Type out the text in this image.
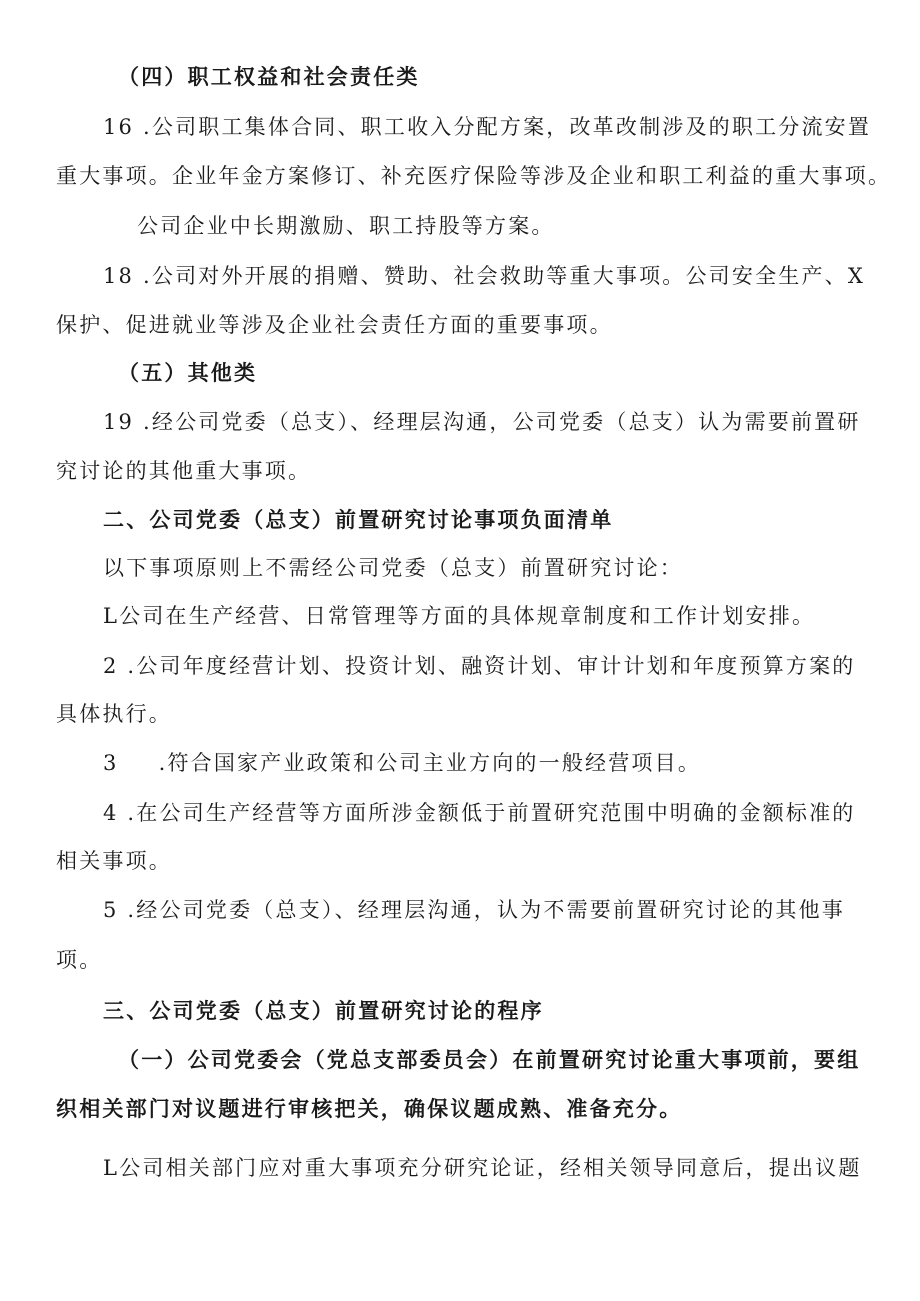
（四）职工权益和社会责任类
16 .公司职工集体合同、职工收入分配方案，改革改制涉及的职工分流安置
重大事项。企业年金方案修订、补充医疗保险等涉及企业和职工利益的重大事项。
公司企业中长期激励、职工持股等方案。
18 .公司对外开展的捐赠、赞助、社会救助等重大事项。公司安全生产、X
保护、促进就业等涉及企业社会责任方面的重要事项。
（五）其他类
19 .经公司党委（总支）、经理层沟通，公司党委（总支）认为需要前置研
究讨论的其他重大事项。
二、公司党委（总支）前置研究讨论事项负面清单
以下事项原则上不需经公司党委（总支）前置研究讨论：
L公司在生产经营、日常管理等方面的具体规章制度和工作计划安排。
2 .公司年度经营计划、投资计划、融资计划、审计计划和年度预算方案的
具体执行。
3 .符合国家产业政策和公司主业方向的一般经营项目。
4 .在公司生产经营等方面所涉金额低于前置研究范围中明确的金额标准的
相关事项。
5 .经公司党委（总支）、经理层沟通，认为不需要前置研究讨论的其他事
项。
三、公司党委（总支）前置研究讨论的程序
（一）公司党委会（党总支部委员会）在前置研究讨论重大事项前，要组
织相关部门对议题进行审核把关，确保议题成熟、准备充分。
L公司相关部门应对重大事项充分研究论证，经相关领导同意后，提出议题
